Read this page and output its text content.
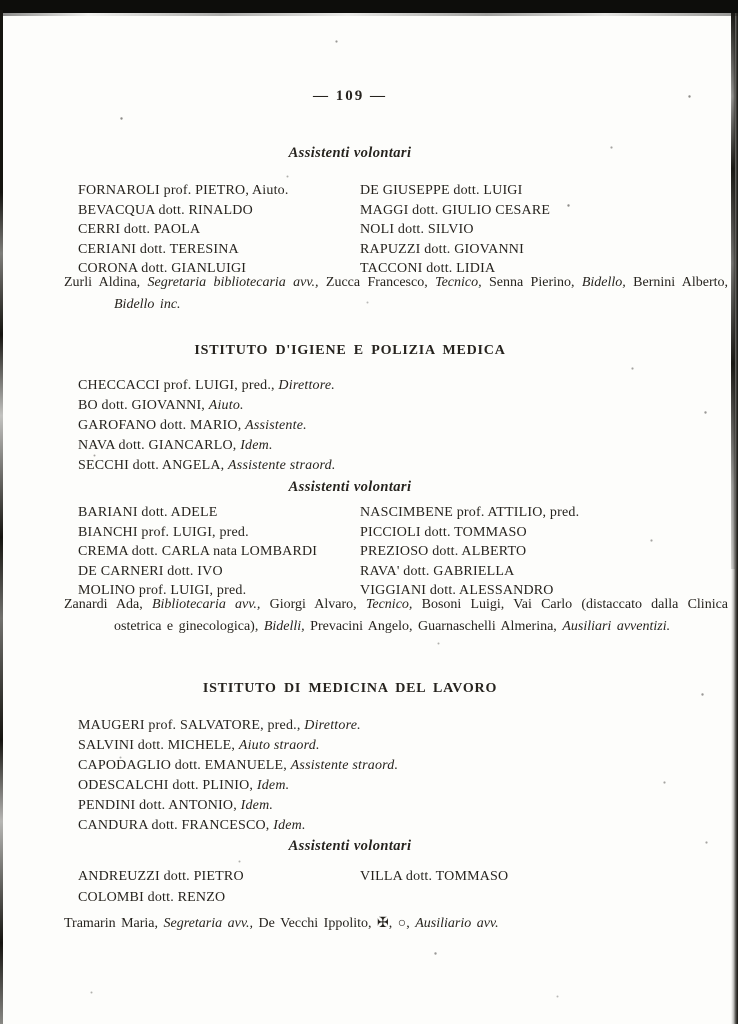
— 109 —
Assistenti volontari
FORNAROLI prof. PIETRO, Aiuto.
BEVACQUA dott. RINALDO
CERRI dott. PAOLA
CERIANI dott. TERESINA
CORONA dott. GIANLUIGI
DE GIUSEPPE dott. LUIGI
MAGGI dott. GIULIO CESARE
NOLI dott. SILVIO
RAPUZZI dott. GIOVANNI
TACCONI dott. LIDIA

Zurli Aldina, Segretaria bibliotecaria avv., Zucca Francesco, Tecnico, Senna Pierino, Bidello, Bernini Alberto, Bidello inc.

ISTITUTO D'IGIENE E POLIZIA MEDICA
CHECCACCI prof. LUIGI, pred., Direttore.
BO dott. GIOVANNI, Aiuto.
GAROFANO dott. MARIO, Assistente.
NAVA dott. GIANCARLO, Idem.
SECCHI dott. ANGELA, Assistente straord.
Assistenti volontari
BARIANI dott. ADELE
BIANCHI prof. LUIGI, pred.
CREMA dott. CARLA nata LOMBARDI
DE CARNERI dott. IVO
MOLINO prof. LUIGI, pred.
NASCIMBENE prof. ATTILIO, pred.
PICCIOLI dott. TOMMASO
PREZIOSO dott. ALBERTO
RAVA' dott. GABRIELLA
VIGGIANI dott. ALESSANDRO

Zanardi Ada, Bibliotecaria avv., Giorgi Alvaro, Tecnico, Bosoni Luigi, Vai Carlo (distaccato dalla Clinica ostetrica e ginecologica), Bidelli, Prevacini Angelo, Guarnaschelli Almerina, Ausiliari avventizi.

ISTITUTO DI MEDICINA DEL LAVORO
MAUGERI prof. SALVATORE, pred., Direttore.
SALVINI dott. MICHELE, Aiuto straord.
CAPODAGLIO dott. EMANUELE, Assistente straord.
ODESCALCHI dott. PLINIO, Idem.
PENDINI dott. ANTONIO, Idem.
CANDURA dott. FRANCESCO, Idem.
Assistenti volontari
ANDREUZZI dott. PIETRO
COLOMBI dott. RENZO
VILLA dott. TOMMASO

Tramarin Maria, Segretaria avv., De Vecchi Ippolito, ✠, ○, Ausiliario avv.
